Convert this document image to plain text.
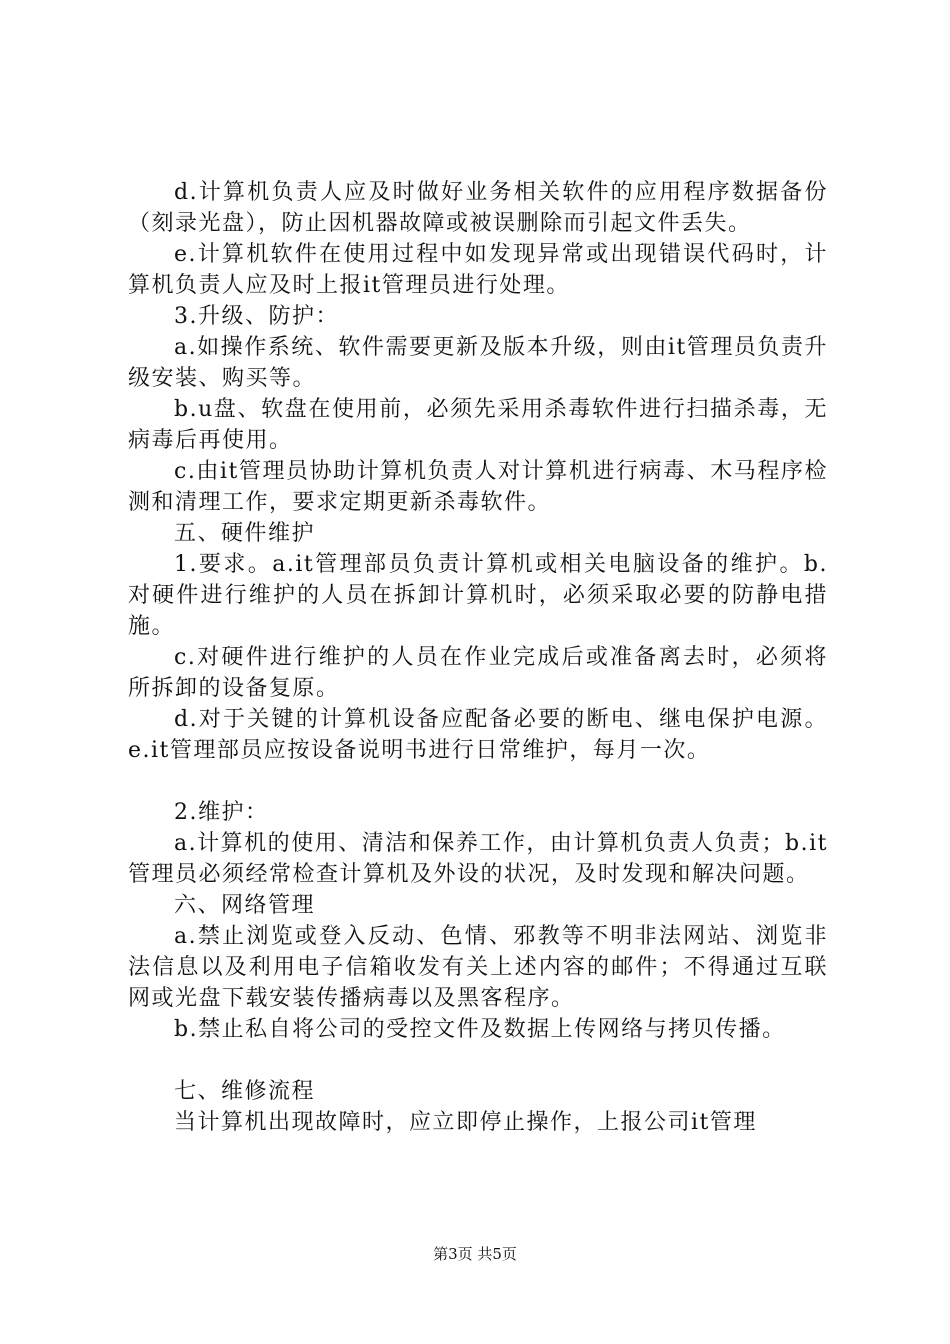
d.计算机负责人应及时做好业务相关软件的应用程序数据备份（刻录光盘），防止因机器故障或被误删除而引起文件丢失。

e.计算机软件在使用过程中如发现异常或出现错误代码时，计算机负责人应及时上报it管理员进行处理。

3.升级、防护：

a.如操作系统、软件需要更新及版本升级，则由it管理员负责升级安装、购买等。

b.u盘、软盘在使用前，必须先采用杀毒软件进行扫描杀毒，无病毒后再使用。

c.由it管理员协助计算机负责人对计算机进行病毒、木马程序检测和清理工作，要求定期更新杀毒软件。

五、硬件维护

1.要求。a.it管理部员负责计算机或相关电脑设备的维护。b.对硬件进行维护的人员在拆卸计算机时，必须采取必要的防静电措施。

c.对硬件进行维护的人员在作业完成后或准备离去时，必须将所拆卸的设备复原。

d.对于关键的计算机设备应配备必要的断电、继电保护电源。e.it管理部员应按设备说明书进行日常维护，每月一次。

2.维护：

a.计算机的使用、清洁和保养工作，由计算机负责人负责；b.it管理员必须经常检查计算机及外设的状况，及时发现和解决问题。

六、网络管理

a.禁止浏览或登入反动、色情、邪教等不明非法网站、浏览非法信息以及利用电子信箱收发有关上述内容的邮件；不得通过互联网或光盘下载安装传播病毒以及黑客程序。

b.禁止私自将公司的受控文件及数据上传网络与拷贝传播。

七、维修流程

当计算机出现故障时，应立即停止操作，上报公司it管理

第3页 共5页
